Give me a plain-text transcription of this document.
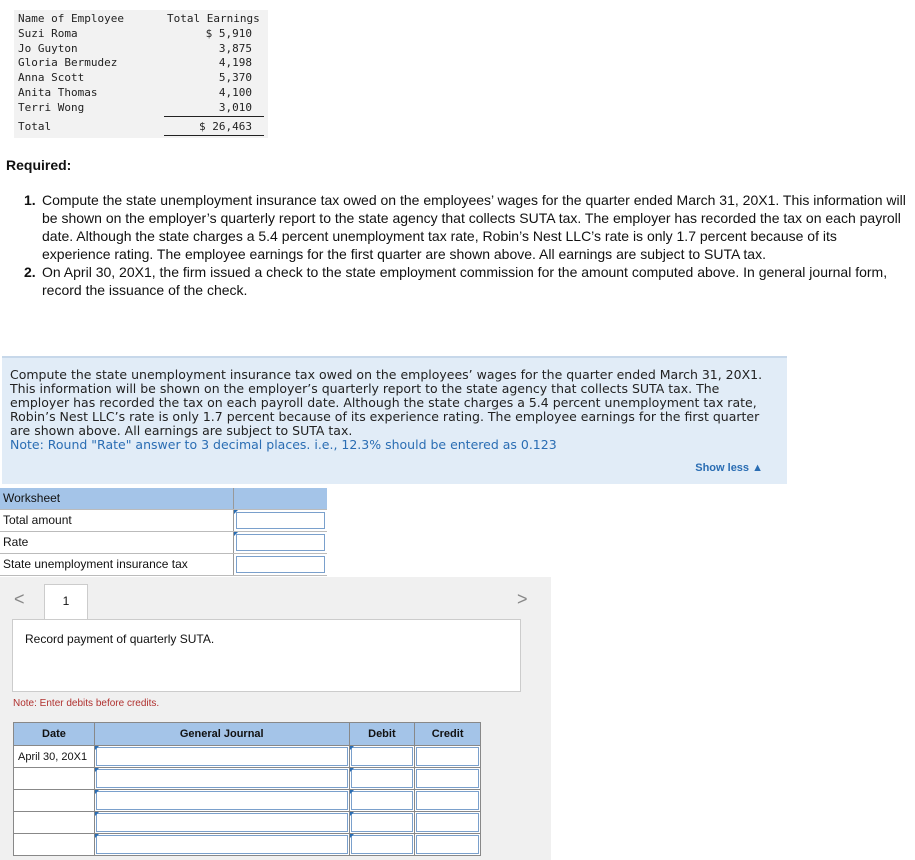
Name of Employee	Total Earnings
Suzi Roma	$ 5,910
Jo Guyton	3,875
Gloria Bermudez	4,198
Anna Scott	5,370
Anita Thomas	4,100
Terri Wong	3,010
Total	$ 26,463
Required:
1. Compute the state unemployment insurance tax owed on the employees’ wages for the quarter ended March 31, 20X1. This information will be shown on the employer’s quarterly report to the state agency that collects SUTA tax. The employer has recorded the tax on each payroll date. Although the state charges a 5.4 percent unemployment tax rate, Robin’s Nest LLC’s rate is only 1.7 percent because of its experience rating. The employee earnings for the first quarter are shown above. All earnings are subject to SUTA tax.
2. On April 30, 20X1, the firm issued a check to the state employment commission for the amount computed above. In general journal form, record the issuance of the check.
Compute the state unemployment insurance tax owed on the employees’ wages for the quarter ended March 31, 20X1. This information will be shown on the employer’s quarterly report to the state agency that collects SUTA tax. The employer has recorded the tax on each payroll date. Although the state charges a 5.4 percent unemployment tax rate, Robin’s Nest LLC’s rate is only 1.7 percent because of its experience rating. The employee earnings for the first quarter are shown above. All earnings are subject to SUTA tax.
Note: Round "Rate" answer to 3 decimal places. i.e., 12.3% should be entered as 0.123
Show less ▲
Worksheet
Total amount
Rate
State unemployment insurance tax
<	1	>
Record payment of quarterly SUTA.
Note: Enter debits before credits.
Date	General Journal	Debit	Credit
April 30, 20X1	
